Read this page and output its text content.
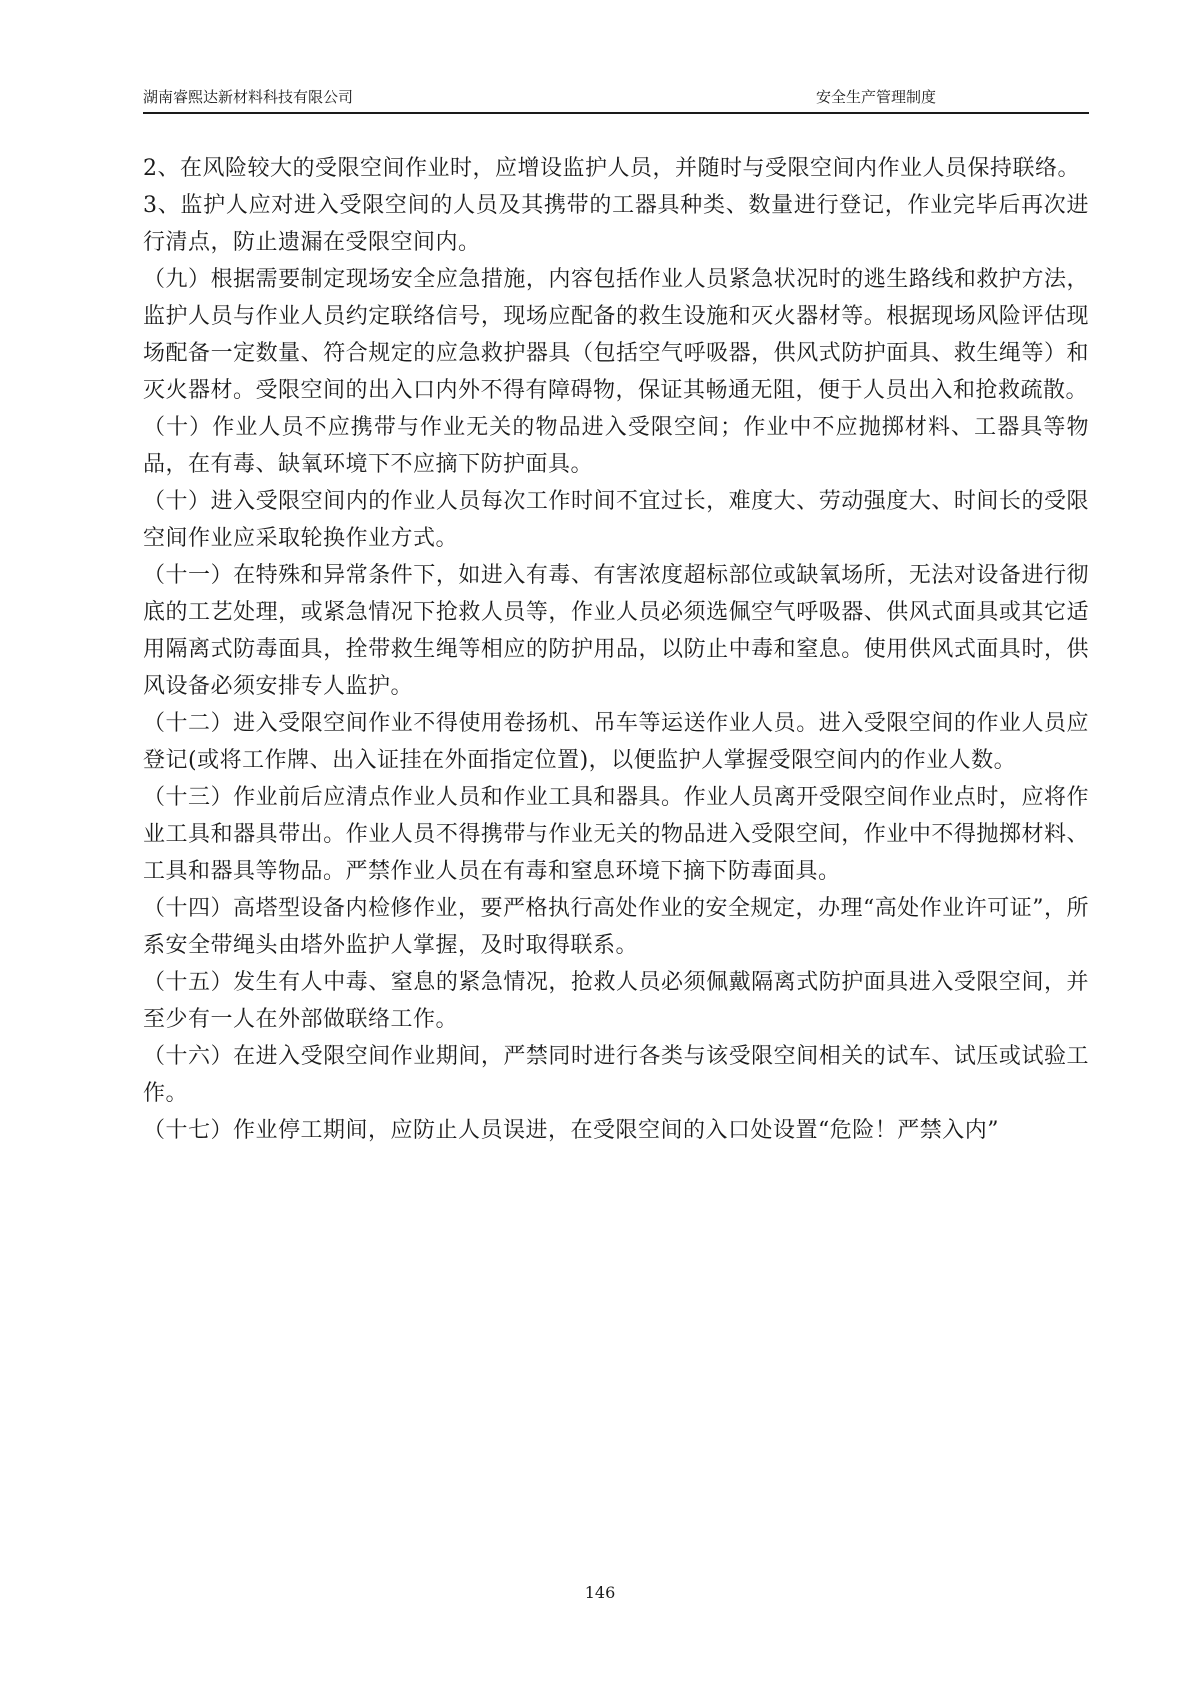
湖南睿熙达新材料科技有限公司	安全生产管理制度

2、在风险较大的受限空间作业时，应增设监护人员，并随时与受限空间内作业人员保持联络。

3、监护人应对进入受限空间的人员及其携带的工器具种类、数量进行登记，作业完毕后再次进行清点，防止遗漏在受限空间内。

（九）根据需要制定现场安全应急措施，内容包括作业人员紧急状况时的逃生路线和救护方法，监护人员与作业人员约定联络信号，现场应配备的救生设施和灭火器材等。根据现场风险评估现场配备一定数量、符合规定的应急救护器具（包括空气呼吸器，供风式防护面具、救生绳等）和灭火器材。受限空间的出入口内外不得有障碍物，保证其畅通无阻，便于人员出入和抢救疏散。

（十）作业人员不应携带与作业无关的物品进入受限空间；作业中不应抛掷材料、工器具等物品，在有毒、缺氧环境下不应摘下防护面具。

（十）进入受限空间内的作业人员每次工作时间不宜过长，难度大、劳动强度大、时间长的受限空间作业应采取轮换作业方式。

（十一）在特殊和异常条件下，如进入有毒、有害浓度超标部位或缺氧场所，无法对设备进行彻底的工艺处理，或紧急情况下抢救人员等，作业人员必须选佩空气呼吸器、供风式面具或其它适用隔离式防毒面具，拴带救生绳等相应的防护用品，以防止中毒和窒息。使用供风式面具时，供风设备必须安排专人监护。

（十二）进入受限空间作业不得使用卷扬机、吊车等运送作业人员。进入受限空间的作业人员应登记(或将工作牌、出入证挂在外面指定位置)，以便监护人掌握受限空间内的作业人数。

（十三）作业前后应清点作业人员和作业工具和器具。作业人员离开受限空间作业点时，应将作业工具和器具带出。作业人员不得携带与作业无关的物品进入受限空间，作业中不得抛掷材料、工具和器具等物品。严禁作业人员在有毒和窒息环境下摘下防毒面具。

（十四）高塔型设备内检修作业，要严格执行高处作业的安全规定，办理“高处作业许可证”，所系安全带绳头由塔外监护人掌握，及时取得联系。

（十五）发生有人中毒、窒息的紧急情况，抢救人员必须佩戴隔离式防护面具进入受限空间，并至少有一人在外部做联络工作。

（十六）在进入受限空间作业期间，严禁同时进行各类与该受限空间相关的试车、试压或试验工作。

（十七）作业停工期间，应防止人员误进，在受限空间的入口处设置“危险！严禁入内”

146
